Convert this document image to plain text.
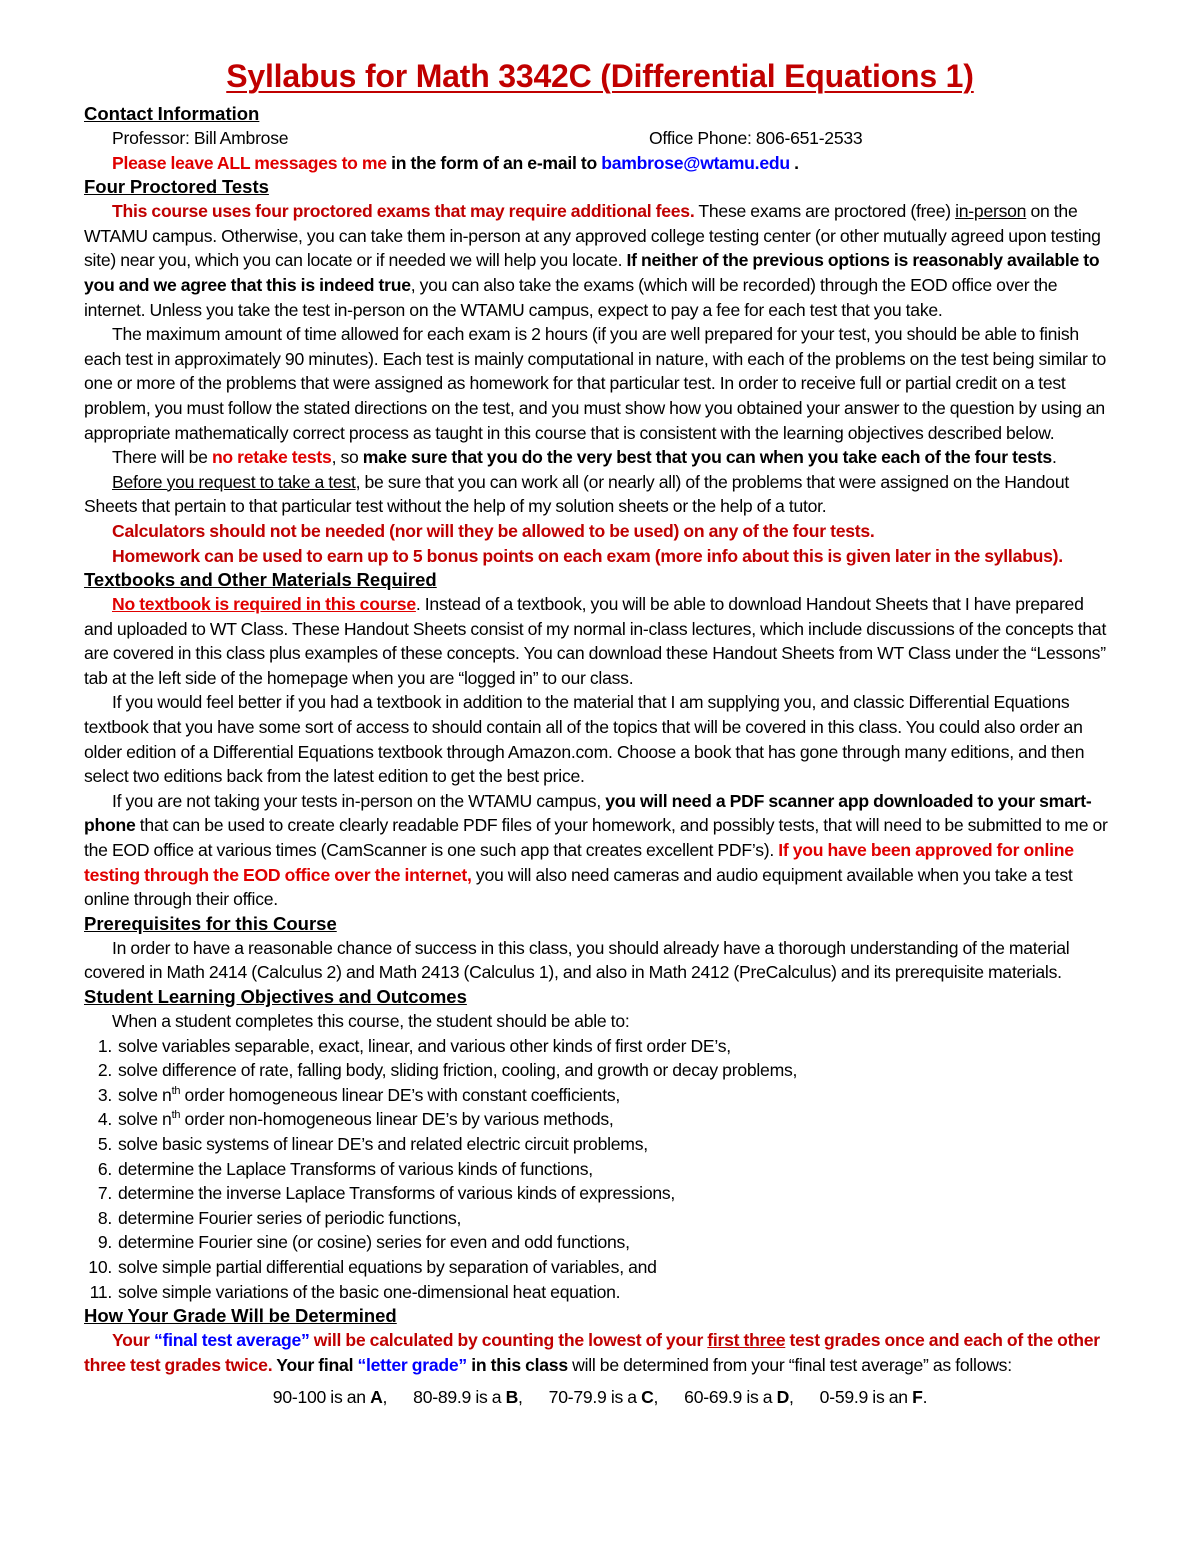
Syllabus for Math 3342C (Differential Equations 1)
Contact Information
Professor: Bill Ambrose	Office Phone: 806-651-2533

Please leave ALL messages to me in the form of an e-mail to bambrose@wtamu.edu .

Four Proctored Tests

This course uses four proctored exams that may require additional fees. These exams are proctored (free) in-person on the WTAMU campus. Otherwise, you can take them in-person at any approved college testing center (or other mutually agreed upon testing site) near you, which you can locate or if needed we will help you locate. If neither of the previous options is reasonably available to you and we agree that this is indeed true, you can also take the exams (which will be recorded) through the EOD office over the internet. Unless you take the test in-person on the WTAMU campus, expect to pay a fee for each test that you take.

The maximum amount of time allowed for each exam is 2 hours (if you are well prepared for your test, you should be able to finish each test in approximately 90 minutes). Each test is mainly computational in nature, with each of the problems on the test being similar to one or more of the problems that were assigned as homework for that particular test. In order to receive full or partial credit on a test problem, you must follow the stated directions on the test, and you must show how you obtained your answer to the question by using an appropriate mathematically correct process as taught in this course that is consistent with the learning objectives described below.

There will be no retake tests, so make sure that you do the very best that you can when you take each of the four tests.

Before you request to take a test, be sure that you can work all (or nearly all) of the problems that were assigned on the Handout Sheets that pertain to that particular test without the help of my solution sheets or the help of a tutor.

Calculators should not be needed (nor will they be allowed to be used) on any of the four tests.

Homework can be used to earn up to 5 bonus points on each exam (more info about this is given later in the syllabus).

Textbooks and Other Materials Required

No textbook is required in this course. Instead of a textbook, you will be able to download Handout Sheets that I have prepared and uploaded to WT Class. These Handout Sheets consist of my normal in-class lectures, which include discussions of the concepts that are covered in this class plus examples of these concepts. You can download these Handout Sheets from WT Class under the “Lessons” tab at the left side of the homepage when you are “logged in” to our class.

If you would feel better if you had a textbook in addition to the material that I am supplying you, and classic Differential Equations textbook that you have some sort of access to should contain all of the topics that will be covered in this class. You could also order an older edition of a Differential Equations textbook through Amazon.com. Choose a book that has gone through many editions, and then select two editions back from the latest edition to get the best price.

If you are not taking your tests in-person on the WTAMU campus, you will need a PDF scanner app downloaded to your smart-phone that can be used to create clearly readable PDF files of your homework, and possibly tests, that will need to be submitted to me or the EOD office at various times (CamScanner is one such app that creates excellent PDF’s). If you have been approved for online testing through the EOD office over the internet, you will also need cameras and audio equipment available when you take a test online through their office.

Prerequisites for this Course

In order to have a reasonable chance of success in this class, you should already have a thorough understanding of the material covered in Math 2414 (Calculus 2) and Math 2413 (Calculus 1), and also in Math 2412 (PreCalculus) and its prerequisite materials.

Student Learning Objectives and Outcomes

When a student completes this course, the student should be able to:

1. solve variables separable, exact, linear, and various other kinds of first order DE’s,
2. solve difference of rate, falling body, sliding friction, cooling, and growth or decay problems,
3. solve $n^{th}$ order homogeneous linear DE’s with constant coefficients,
4. solve $n^{th}$ order non-homogeneous linear DE’s by various methods,
5. solve basic systems of linear DE’s and related electric circuit problems,
6. determine the Laplace Transforms of various kinds of functions,
7. determine the inverse Laplace Transforms of various kinds of expressions,
8. determine Fourier series of periodic functions,
9. determine Fourier sine (or cosine) series for even and odd functions,
10. solve simple partial differential equations by separation of variables, and
11. solve simple variations of the basic one-dimensional heat equation.
How Your Grade Will be Determined

Your “final test average” will be calculated by counting the lowest of your first three test grades once and each of the other three test grades twice. Your final “letter grade” in this class will be determined from your “final test average” as follows:

90-100 is an A, 80-89.9 is a B, 70-79.9 is a C, 60-69.9 is a D, 0-59.9 is an F.
